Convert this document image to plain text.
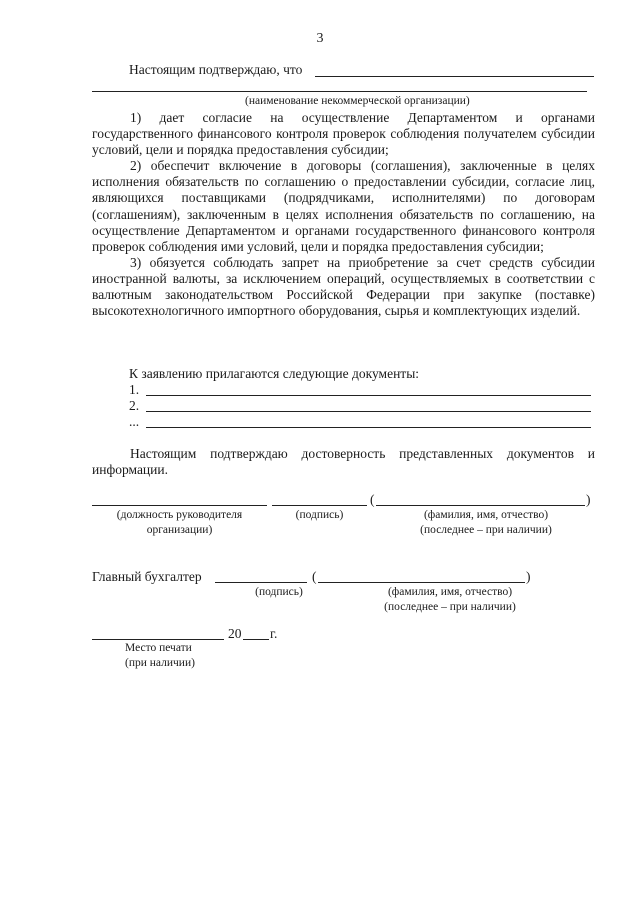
3
Настоящим подтверждаю, что
(наименование некоммерческой организации)

1) дает согласие на осуществление Департаментом и органами государственного финансового контроля проверок соблюдения получателем субсидии условий, цели и порядка предоставления субсидии;

2) обеспечит включение в договоры (соглашения), заключенные в целях исполнения обязательств по соглашению о предоставлении субсидии, согласие лиц, являющихся поставщиками (подрядчиками, исполнителями) по договорам (соглашениям), заключенным в целях исполнения обязательств по соглашению, на осуществление Департаментом и органами государственного финансового контроля проверок соблюдения ими условий, цели и порядка предоставления субсидии;

3) обязуется соблюдать запрет на приобретение за счет средств субсидии иностранной валюты, за исключением операций, осуществляемых в соответствии с валютным законодательством Российской Федерации при закупке (поставке) высокотехнологичного импортного оборудования, сырья и комплектующих изделий.

К заявлению прилагаются следующие документы:
1.
2.
...
Настоящим подтверждаю достоверность представленных документов и информации.
(	)
(должность руководителя
организации)
(подпись)	(фамилия, имя, отчество)
(последнее – при наличии)
Главный бухгалтер	(	)
(подпись)	(фамилия, имя, отчество)
(последнее – при наличии)
20 г.
Место печати
(при наличии)
